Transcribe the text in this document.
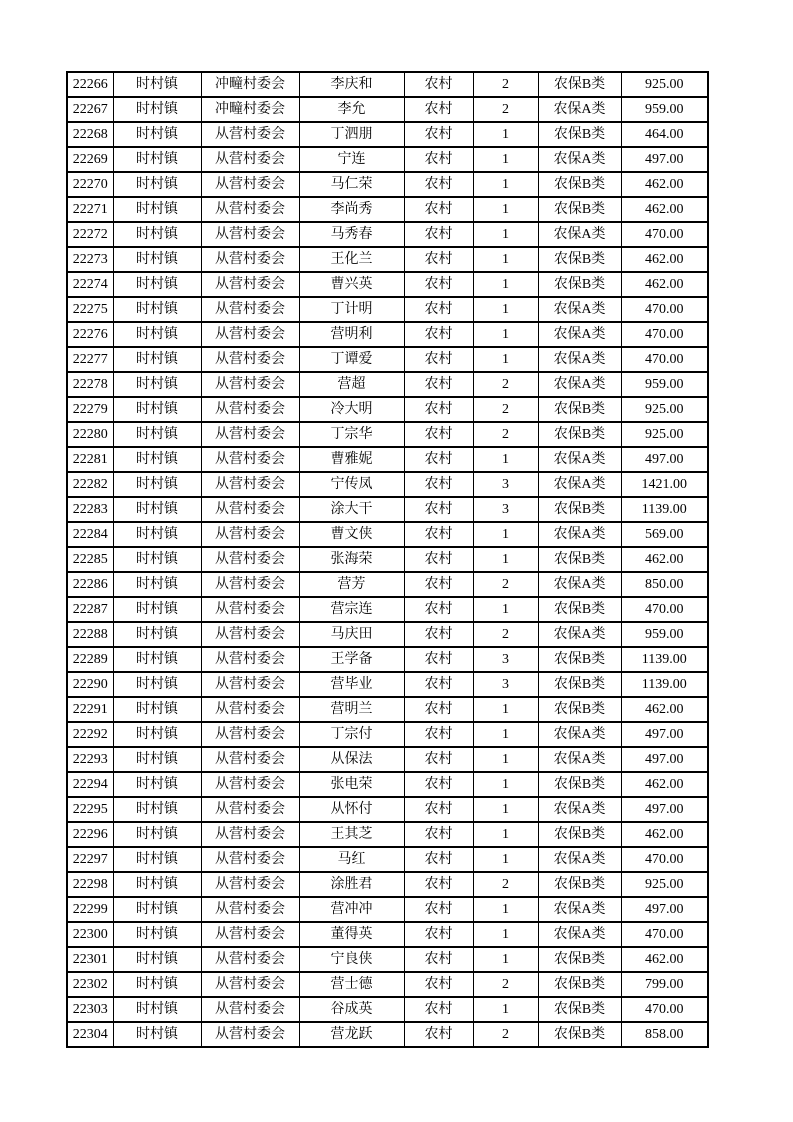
22266	时村镇	冲疃村委会	李庆和	农村	2	农保B类	925.00
22267	时村镇	冲疃村委会	李允	农村	2	农保A类	959.00
22268	时村镇	从营村委会	丁泗朋	农村	1	农保B类	464.00
22269	时村镇	从营村委会	宁连	农村	1	农保A类	497.00
22270	时村镇	从营村委会	马仁荣	农村	1	农保B类	462.00
22271	时村镇	从营村委会	李尚秀	农村	1	农保B类	462.00
22272	时村镇	从营村委会	马秀春	农村	1	农保A类	470.00
22273	时村镇	从营村委会	王化兰	农村	1	农保B类	462.00
22274	时村镇	从营村委会	曹兴英	农村	1	农保B类	462.00
22275	时村镇	从营村委会	丁计明	农村	1	农保A类	470.00
22276	时村镇	从营村委会	营明利	农村	1	农保A类	470.00
22277	时村镇	从营村委会	丁谭爱	农村	1	农保A类	470.00
22278	时村镇	从营村委会	营超	农村	2	农保A类	959.00
22279	时村镇	从营村委会	冷大明	农村	2	农保B类	925.00
22280	时村镇	从营村委会	丁宗华	农村	2	农保B类	925.00
22281	时村镇	从营村委会	曹雅妮	农村	1	农保A类	497.00
22282	时村镇	从营村委会	宁传凤	农村	3	农保A类	1421.00
22283	时村镇	从营村委会	涂大干	农村	3	农保B类	1139.00
22284	时村镇	从营村委会	曹文侠	农村	1	农保A类	569.00
22285	时村镇	从营村委会	张海荣	农村	1	农保B类	462.00
22286	时村镇	从营村委会	营芳	农村	2	农保A类	850.00
22287	时村镇	从营村委会	营宗连	农村	1	农保B类	470.00
22288	时村镇	从营村委会	马庆田	农村	2	农保A类	959.00
22289	时村镇	从营村委会	王学备	农村	3	农保B类	1139.00
22290	时村镇	从营村委会	营毕业	农村	3	农保B类	1139.00
22291	时村镇	从营村委会	营明兰	农村	1	农保B类	462.00
22292	时村镇	从营村委会	丁宗付	农村	1	农保A类	497.00
22293	时村镇	从营村委会	从保法	农村	1	农保A类	497.00
22294	时村镇	从营村委会	张电荣	农村	1	农保B类	462.00
22295	时村镇	从营村委会	从怀付	农村	1	农保A类	497.00
22296	时村镇	从营村委会	王其芝	农村	1	农保B类	462.00
22297	时村镇	从营村委会	马红	农村	1	农保A类	470.00
22298	时村镇	从营村委会	涂胜君	农村	2	农保B类	925.00
22299	时村镇	从营村委会	营冲冲	农村	1	农保A类	497.00
22300	时村镇	从营村委会	董得英	农村	1	农保A类	470.00
22301	时村镇	从营村委会	宁良侠	农村	1	农保B类	462.00
22302	时村镇	从营村委会	营士德	农村	2	农保B类	799.00
22303	时村镇	从营村委会	谷成英	农村	1	农保B类	470.00
22304	时村镇	从营村委会	营龙跃	农村	2	农保B类	858.00
